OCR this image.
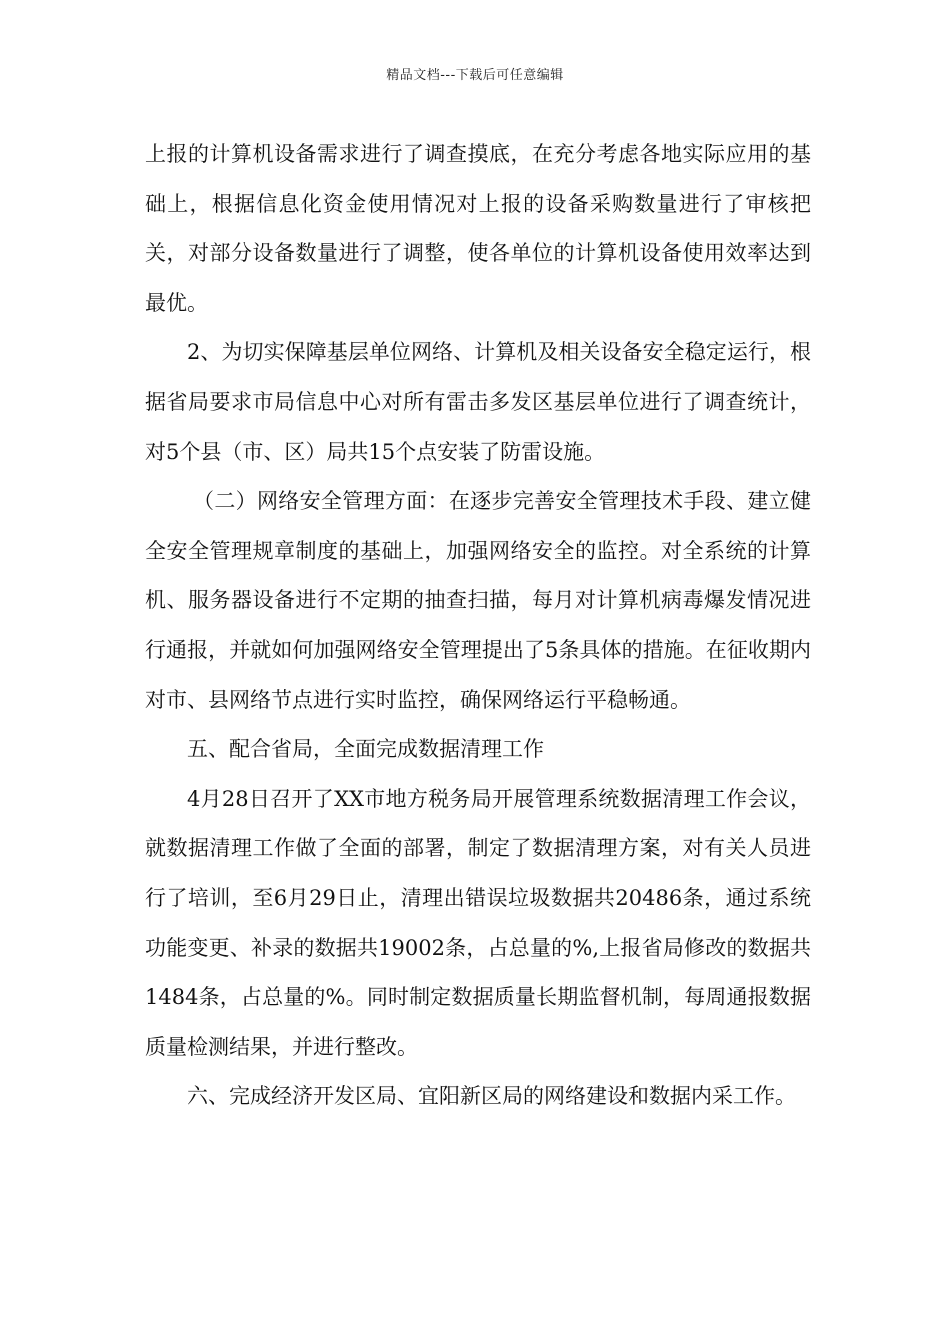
精品文档---下载后可任意编辑

上报的计算机设备需求进行了调查摸底，在充分考虑各地实际应用的基础上，根据信息化资金使用情况对上报的设备采购数量进行了审核把关，对部分设备数量进行了调整，使各单位的计算机设备使用效率达到最优。

2、为切实保障基层单位网络、计算机及相关设备安全稳定运行，根据省局要求市局信息中心对所有雷击多发区基层单位进行了调查统计，对5个县（市、区）局共15个点安装了防雷设施。

（二）网络安全管理方面：在逐步完善安全管理技术手段、建立健全安全管理规章制度的基础上，加强网络安全的监控。对全系统的计算机、服务器设备进行不定期的抽查扫描，每月对计算机病毒爆发情况进行通报，并就如何加强网络安全管理提出了5条具体的措施。在征收期内对市、县网络节点进行实时监控，确保网络运行平稳畅通。

五、配合省局，全面完成数据清理工作

4月28日召开了XX市地方税务局开展管理系统数据清理工作会议，就数据清理工作做了全面的部署，制定了数据清理方案，对有关人员进行了培训，至6月29日止，清理出错误垃圾数据共20486条，通过系统功能变更、补录的数据共19002条，占总量的%,上报省局修改的数据共1484条，占总量的%。同时制定数据质量长期监督机制，每周通报数据质量检测结果，并进行整改。

六、完成经济开发区局、宜阳新区局的网络建设和数据内采工作。
